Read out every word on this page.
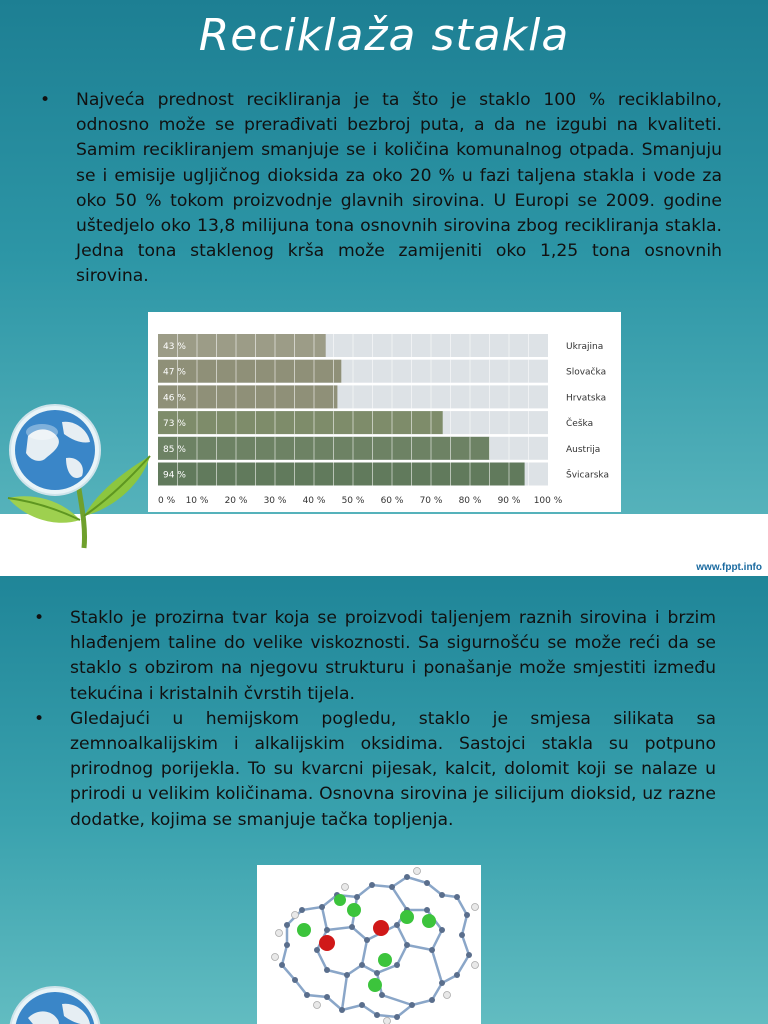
Reciklaža stakla
• Najveća prednost recikliranja je ta što je staklo 100 % reciklabilno, odnosno može se prerađivati bezbroj puta, a da ne izgubi na kvaliteti. Samim recikliranjem smanjuje se i količina komunalnog otpada. Smanjuju se i emisije ugljičnog dioksida za oko 20 % u fazi taljena stakla i vode za oko 50 % tokom proizvodnje glavnih sirovina. U Europi se 2009. godine uštedjelo oko 13,8 milijuna tona osnovnih sirovina zbog recikliranja stakla. Jedna tona staklenog krša može zamijeniti oko 1,25 tona osnovnih sirovina.
43 %	Ukrajina
47 %	Slovačka
46 %	Hrvatska
73 %	Češka
85 %	Austrija
94 %	Švicarska
0 % 10 % 20 % 30 % 40 % 50 % 60 % 70 % 80 % 90 % 100 %
www.fppt.info
• Staklo je prozirna tvar koja se proizvodi taljenjem raznih sirovina i brzim hlađenjem taline do velike viskoznosti. Sa sigurnošću se može reći da se staklo s obzirom na njegovu strukturu i ponašanje može smjestiti između tekućina i kristalnih čvrstih tijela.
• Gledajući u hemijskom pogledu, staklo je smjesa silikata sa zemnoalkalijskim i alkalijskim oksidima. Sastojci stakla su potpuno prirodnog porijekla. To su kvarcni pijesak, kalcit, dolomit koji se nalaze u prirodi u velikim količinama. Osnovna sirovina je silicijum dioksid, uz razne dodatke, kojima se smanjuje tačka topljenja.
